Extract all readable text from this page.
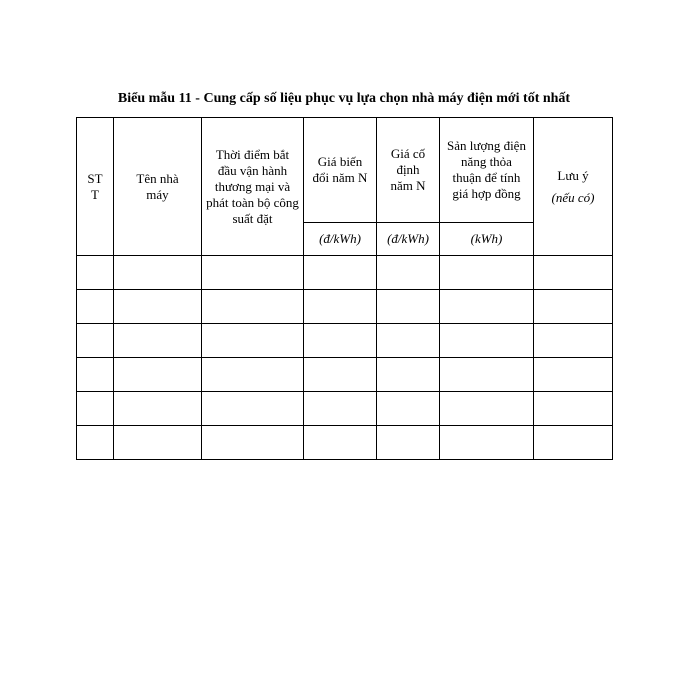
Biểu mẫu 11 - Cung cấp số liệu phục vụ lựa chọn nhà máy điện mới tốt nhất
STT	Tên nhà máy	Thời điểm bắt đầu vận hành thương mại và phát toàn bộ công suất đặt	Giá biến đổi năm N	Giá cố định năm N	Sản lượng điện năng thỏa thuận để tính giá hợp đồng	Lưu ý
(nếu có)

			(đ/kWh)	(đ/kWh)	(kWh)	
